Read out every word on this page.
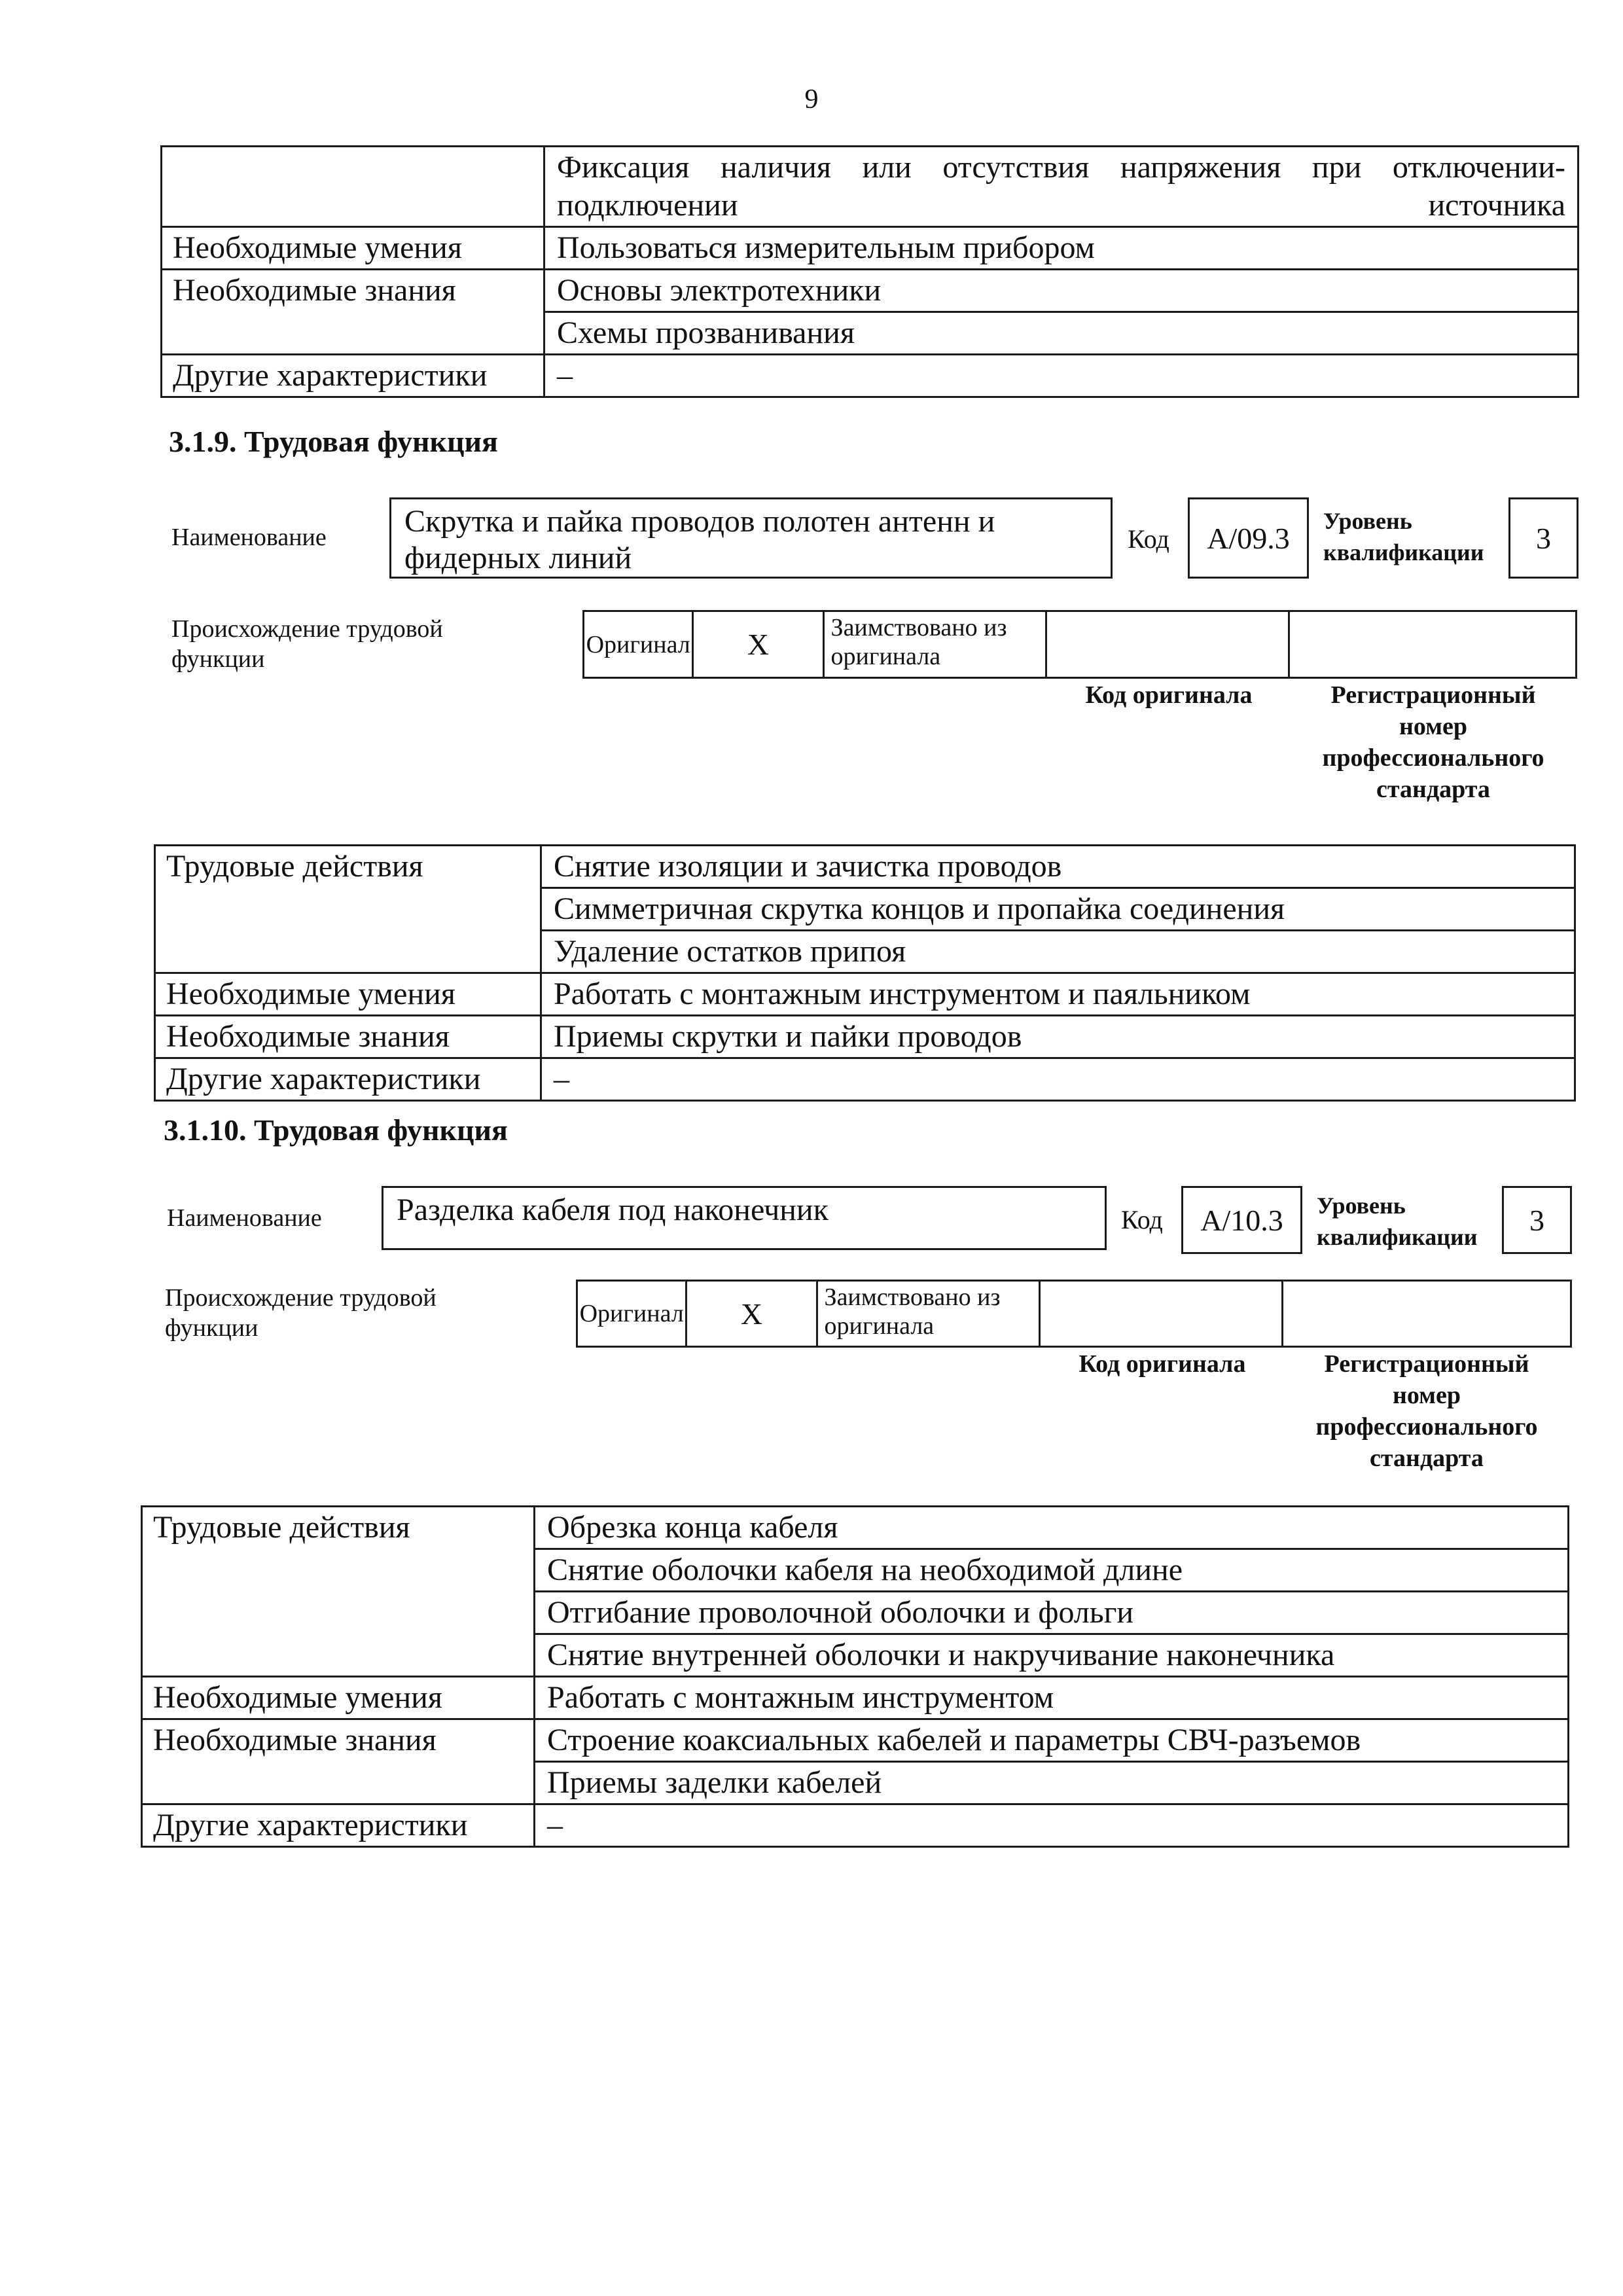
9
	Фиксация наличия или отсутствия напряжения при отключении-подключении источника
Необходимые умения	Пользоваться измерительным прибором
Необходимые знания	Основы электротехники
	Схемы прозванивания
Другие характеристики	–
3.1.9. Трудовая функция
Наименование	Скрутка и пайка проводов полотен антенн и фидерных линий
Код	A/09.3
Уровень квалификации	3
Происхождение трудовой функции
Оригинал	X	Заимствовано из оригинала
Код оригинала	Регистрационный номер профессионального стандарта
Трудовые действия	Снятие изоляции и зачистка проводов
	Симметричная скрутка концов и пропайка соединения
	Удаление остатков припоя
Необходимые умения	Работать с монтажным инструментом и паяльником
Необходимые знания	Приемы скрутки и пайки проводов
Другие характеристики	–
3.1.10. Трудовая функция
Наименование	Разделка кабеля под наконечник	Код	A/10.3	Уровень квалификации
3
Происхождение трудовой функции
Оригинал	X	Заимствовано из оригинала
Код оригинала	Регистрационный номер профессионального стандарта
Трудовые действия	Обрезка конца кабеля
	Снятие оболочки кабеля на необходимой длине
	Отгибание проволочной оболочки и фольги
	Снятие внутренней оболочки и накручивание наконечника
Необходимые умения	Работать с монтажным инструментом
Необходимые знания	Строение коаксиальных кабелей и параметры СВЧ-разъемов
	Приемы заделки кабелей
Другие характеристики	–
